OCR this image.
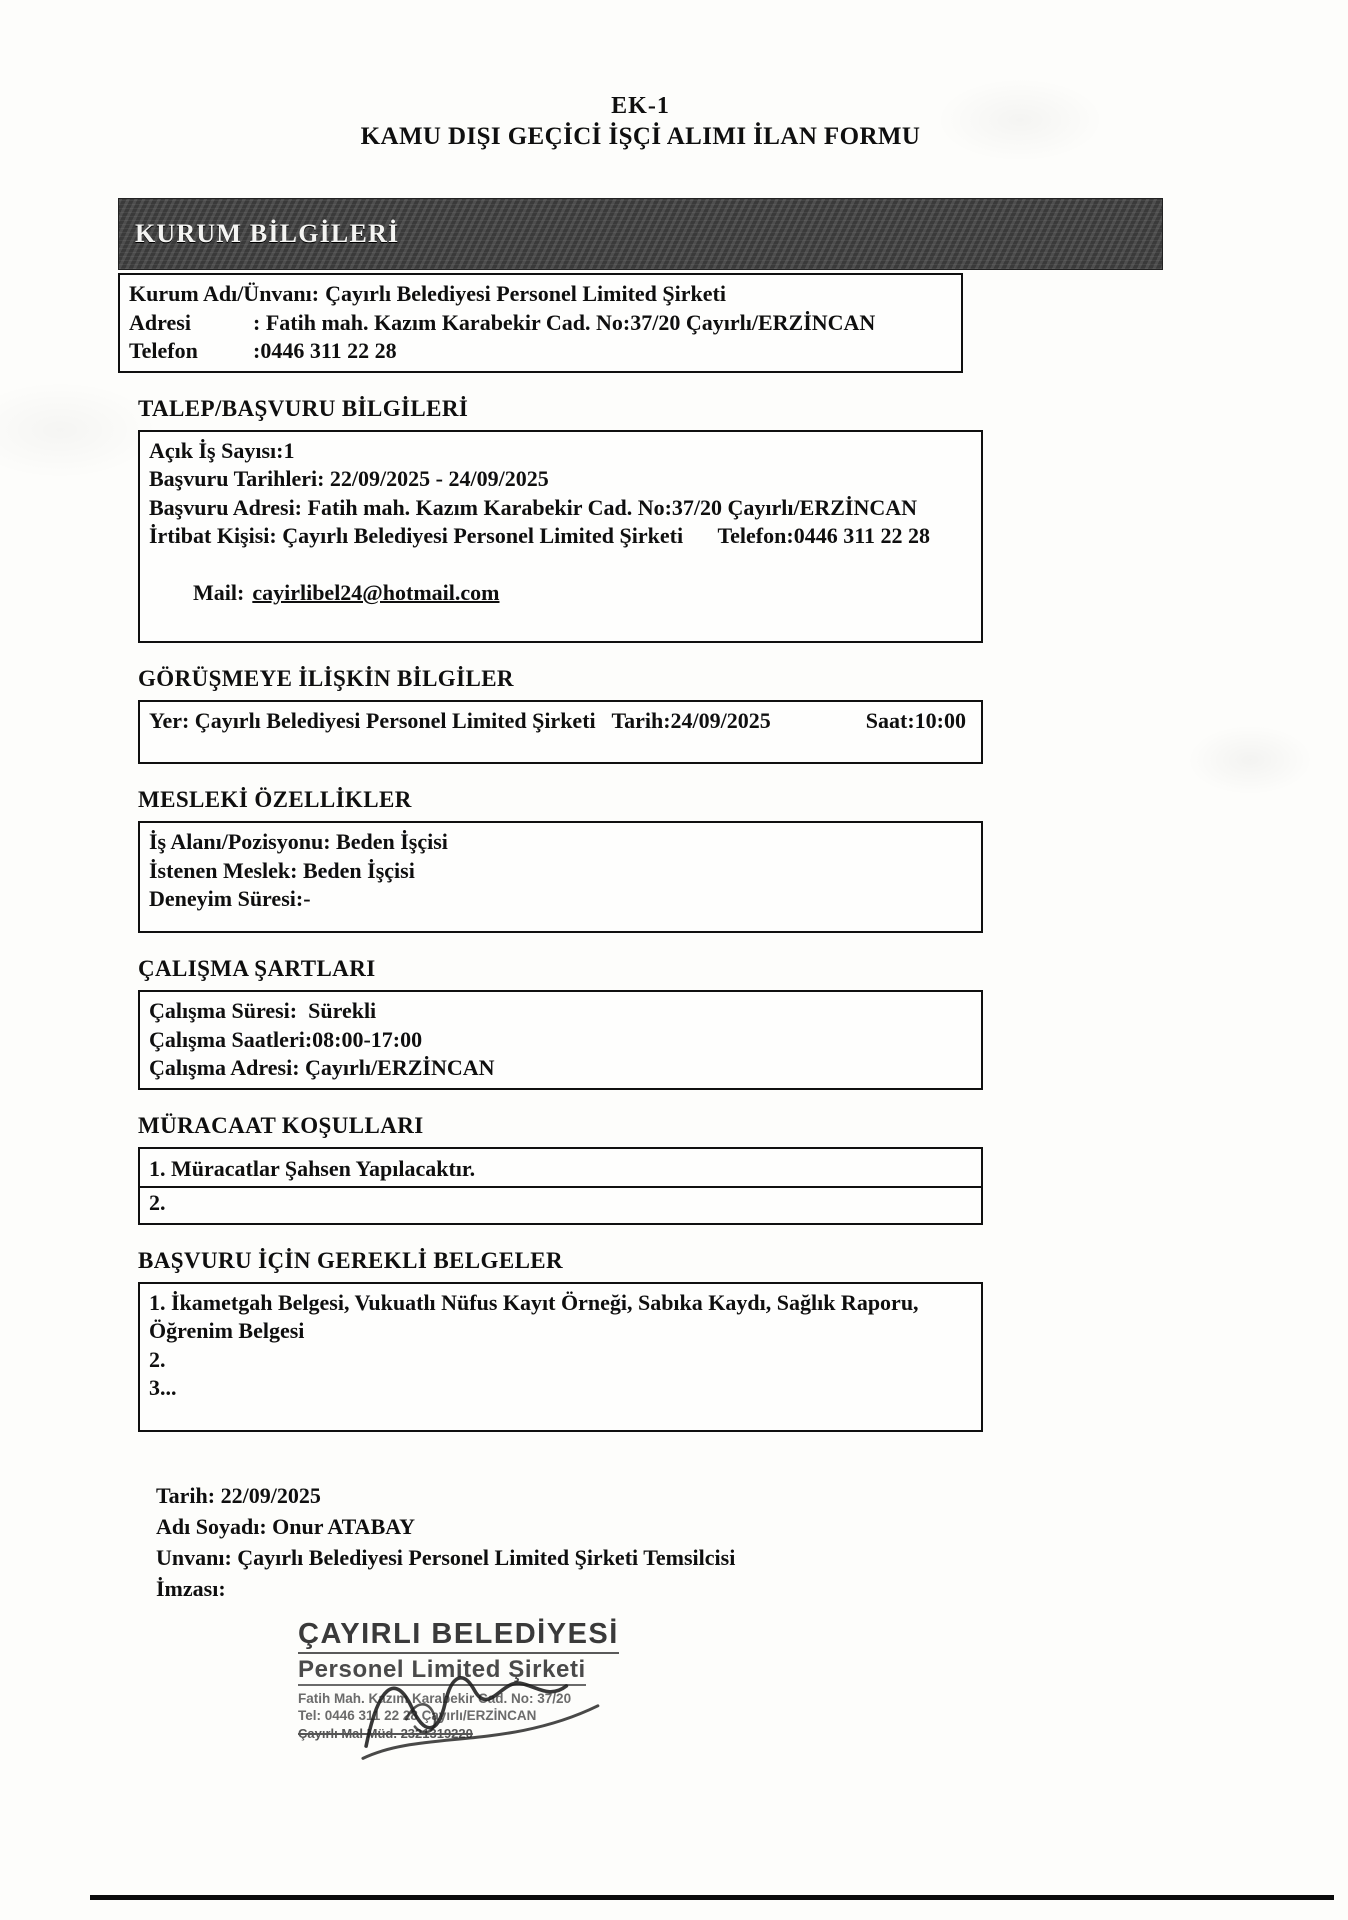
EK-1
KAMU DIŞI GEÇİCİ İŞÇİ ALIMI İLAN FORMU
KURUM BİLGİLERİ
Kurum Adı/Ünvanı: Çayırlı Belediyesi Personel Limited Şirketi
Adresi	: Fatih mah. Kazım Karabekir Cad. No:37/20 Çayırlı/ERZİNCAN
Telefon	:0446 311 22 28
TALEP/BAŞVURU BİLGİLERİ
Açık İş Sayısı:1
Başvuru Tarihleri: 22/09/2025 - 24/09/2025
Başvuru Adresi: Fatih mah. Kazım Karabekir Cad. No:37/20 Çayırlı/ERZİNCAN
İrtibat Kişisi: Çayırlı Belediyesi Personel Limited Şirketi Telefon:0446 311 22 28

Mail: cayirlibel24@hotmail.com

GÖRÜŞMEYE İLİŞKİN BİLGİLER
Yer: Çayırlı Belediyesi Personel Limited Şirketi Tarih:24/09/2025	Saat:10:00
MESLEKİ ÖZELLİKLER
İş Alanı/Pozisyonu: Beden İşçisi
İstenen Meslek: Beden İşçisi
Deneyim Süresi:-
ÇALIŞMA ŞARTLARI
Çalışma Süresi:  Sürekli
Çalışma Saatleri:08:00-17:00
Çalışma Adresi: Çayırlı/ERZİNCAN
MÜRACAAT KOŞULLARI
1. Müracatlar Şahsen Yapılacaktır.
2.
BAŞVURU İÇİN GEREKLİ BELGELER
1. İkametgah Belgesi, Vukuatlı Nüfus Kayıt Örneği, Sabıka Kaydı, Sağlık Raporu, Öğrenim Belgesi
2.
3...
Tarih: 22/09/2025
Adı Soyadı: Onur ATABAY
Unvanı: Çayırlı Belediyesi Personel Limited Şirketi Temsilcisi
İmzası:
ÇAYIRLI BELEDİYESİ
Personel Limited Şirketi
Fatih Mah. Kazım Karabekir Cad. No: 37/20
Tel: 0446 311 22 28 Çayırlı/ERZİNCAN
Çayırlı Mal Müd. 2321319220
